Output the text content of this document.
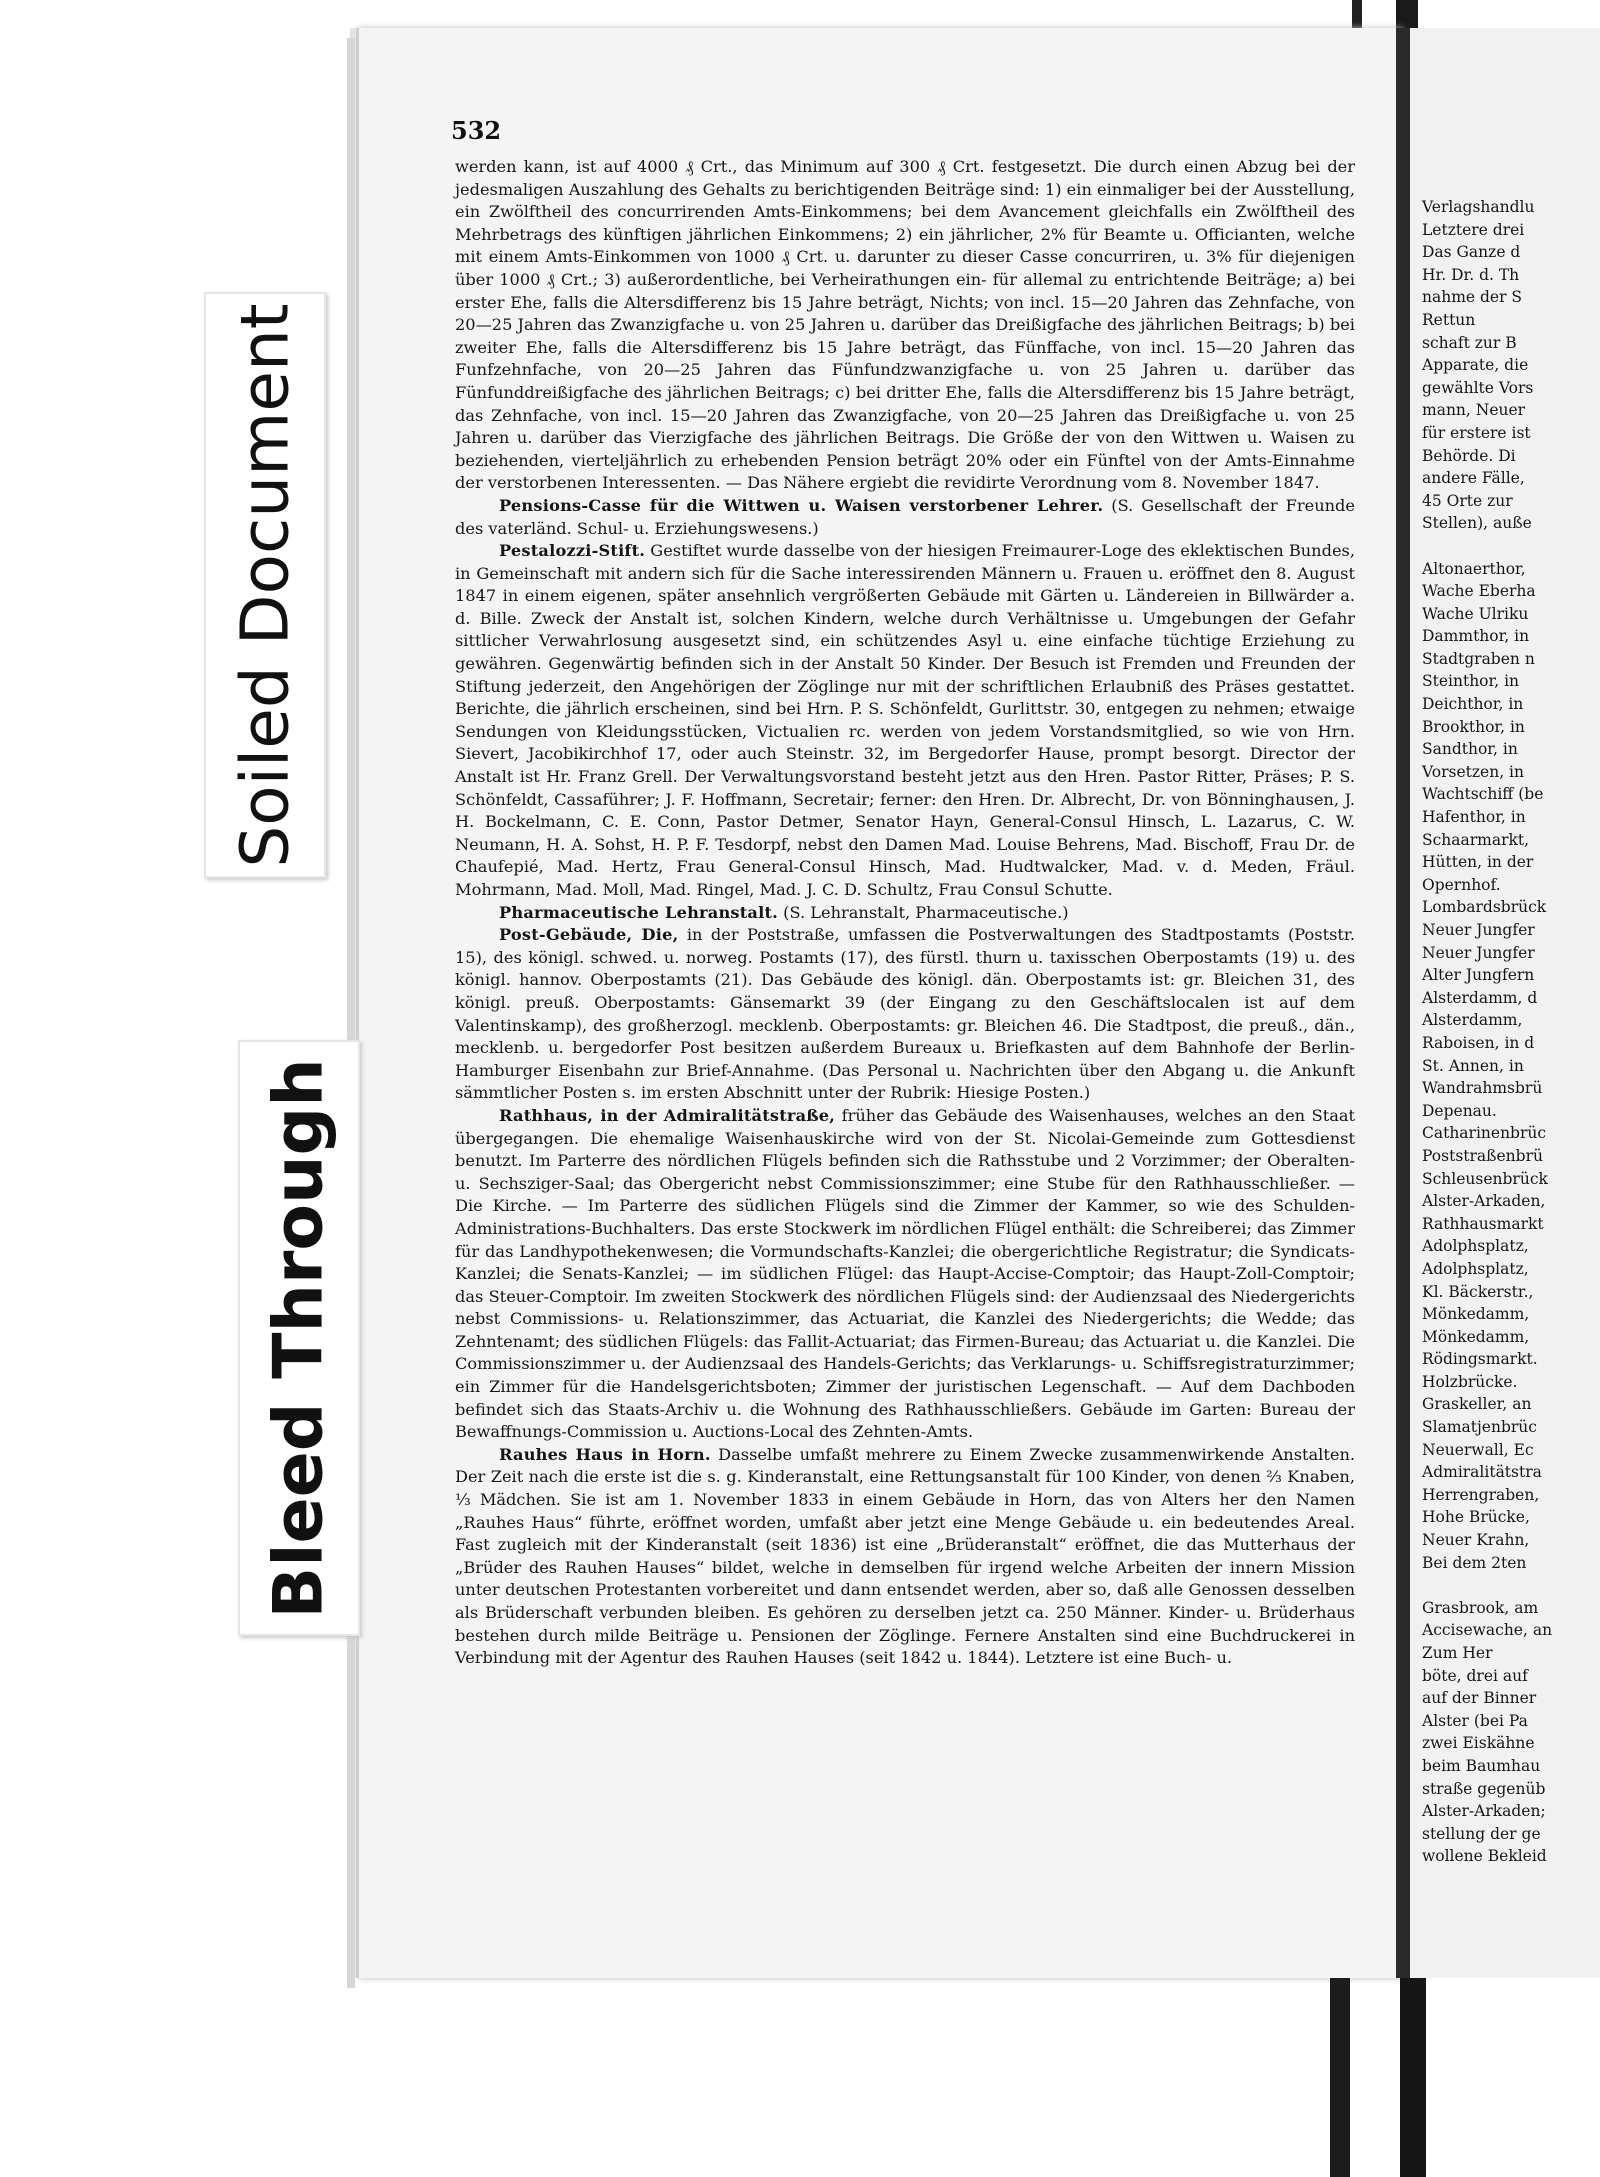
532

werden kann, ist auf 4000 ₰ Crt., das Minimum auf 300 ₰ Crt. festgesetzt. Die durch einen Abzug bei der jedesmaligen Auszahlung des Gehalts zu berichtigenden Beiträge sind: 1) ein einmaliger bei der Ausstellung, ein Zwölftheil des concurrirenden Amts-Einkommens; bei dem Avancement gleichfalls ein Zwölftheil des Mehrbetrags des künftigen jährlichen Einkommens; 2) ein jährlicher, 2% für Beamte u. Officianten, welche mit einem Amts-Einkommen von 1000 ₰ Crt. u. darunter zu dieser Casse concurriren, u. 3% für diejenigen über 1000 ₰ Crt.; 3) außerordentliche, bei Verheirathungen ein- für allemal zu entrichtende Beiträge; a) bei erster Ehe, falls die Altersdifferenz bis 15 Jahre beträgt, Nichts; von incl. 15—20 Jahren das Zehnfache, von 20—25 Jahren das Zwanzigfache u. von 25 Jahren u. darüber das Dreißigfache des jährlichen Beitrags; b) bei zweiter Ehe, falls die Altersdifferenz bis 15 Jahre beträgt, das Fünffache, von incl. 15—20 Jahren das Funfzehnfache, von 20—25 Jahren das Fünfundzwanzigfache u. von 25 Jahren u. darüber das Fünfunddreißigfache des jährlichen Beitrags; c) bei dritter Ehe, falls die Altersdifferenz bis 15 Jahre beträgt, das Zehnfache, von incl. 15—20 Jahren das Zwanzigfache, von 20—25 Jahren das Dreißigfache u. von 25 Jahren u. darüber das Vierzigfache des jährlichen Beitrags. Die Größe der von den Wittwen u. Waisen zu beziehenden, vierteljährlich zu erhebenden Pension beträgt 20% oder ein Fünftel von der Amts-Einnahme der verstorbenen Interessenten. — Das Nähere ergiebt die revidirte Verordnung vom 8. November 1847.

Pensions-Casse für die Wittwen u. Waisen verstorbener Lehrer. (S. Gesellschaft der Freunde des vaterländ. Schul- u. Erziehungswesens.)

Pestalozzi-Stift. Gestiftet wurde dasselbe von der hiesigen Freimaurer-Loge des eklektischen Bundes, in Gemeinschaft mit andern sich für die Sache interessirenden Männern u. Frauen u. eröffnet den 8. August 1847 in einem eigenen, später ansehnlich vergrößerten Gebäude mit Gärten u. Ländereien in Billwärder a. d. Bille. Zweck der Anstalt ist, solchen Kindern, welche durch Verhältnisse u. Umgebungen der Gefahr sittlicher Verwahrlosung ausgesetzt sind, ein schützendes Asyl u. eine einfache tüchtige Erziehung zu gewähren. Gegenwärtig befinden sich in der Anstalt 50 Kinder. Der Besuch ist Fremden und Freunden der Stiftung jederzeit, den Angehörigen der Zöglinge nur mit der schriftlichen Erlaubniß des Präses gestattet. Berichte, die jährlich erscheinen, sind bei Hrn. P. S. Schönfeldt, Gurlittstr. 30, entgegen zu nehmen; etwaige Sendungen von Kleidungsstücken, Victualien rc. werden von jedem Vorstandsmitglied, so wie von Hrn. Sievert, Jacobikirchhof 17, oder auch Steinstr. 32, im Bergedorfer Hause, prompt besorgt. Director der Anstalt ist Hr. Franz Grell. Der Verwaltungsvorstand besteht jetzt aus den Hren. Pastor Ritter, Präses; P. S. Schönfeldt, Cassaführer; J. F. Hoffmann, Secretair; ferner: den Hren. Dr. Albrecht, Dr. von Bönninghausen, J. H. Bockelmann, C. E. Conn, Pastor Detmer, Senator Hayn, General-Consul Hinsch, L. Lazarus, C. W. Neumann, H. A. Sohst, H. P. F. Tesdorpf, nebst den Damen Mad. Louise Behrens, Mad. Bischoff, Frau Dr. de Chaufepié, Mad. Hertz, Frau General-Consul Hinsch, Mad. Hudtwalcker, Mad. v. d. Meden, Fräul. Mohrmann, Mad. Moll, Mad. Ringel, Mad. J. C. D. Schultz, Frau Consul Schutte.

Pharmaceutische Lehranstalt. (S. Lehranstalt, Pharmaceutische.)

Post-Gebäude, Die, in der Poststraße, umfassen die Postverwaltungen des Stadtpostamts (Poststr. 15), des königl. schwed. u. norweg. Postamts (17), des fürstl. thurn u. taxisschen Oberpostamts (19) u. des königl. hannov. Oberpostamts (21). Das Gebäude des königl. dän. Oberpostamts ist: gr. Bleichen 31, des königl. preuß. Oberpostamts: Gänsemarkt 39 (der Eingang zu den Geschäftslocalen ist auf dem Valentinskamp), des großherzogl. mecklenb. Oberpostamts: gr. Bleichen 46. Die Stadtpost, die preuß., dän., mecklenb. u. bergedorfer Post besitzen außerdem Bureaux u. Briefkasten auf dem Bahnhofe der Berlin-Hamburger Eisenbahn zur Brief-Annahme. (Das Personal u. Nachrichten über den Abgang u. die Ankunft sämmtlicher Posten s. im ersten Abschnitt unter der Rubrik: Hiesige Posten.)

Rathhaus, in der Admiralitätstraße, früher das Gebäude des Waisenhauses, welches an den Staat übergegangen. Die ehemalige Waisenhauskirche wird von der St. Nicolai-Gemeinde zum Gottesdienst benutzt. Im Parterre des nördlichen Flügels befinden sich die Rathsstube und 2 Vorzimmer; der Oberalten- u. Sechsziger-Saal; das Obergericht nebst Commissionszimmer; eine Stube für den Rathhausschließer. — Die Kirche. — Im Parterre des südlichen Flügels sind die Zimmer der Kammer, so wie des Schulden-Administrations-Buchhalters. Das erste Stockwerk im nördlichen Flügel enthält: die Schreiberei; das Zimmer für das Landhypothekenwesen; die Vormundschafts-Kanzlei; die obergerichtliche Registratur; die Syndicats-Kanzlei; die Senats-Kanzlei; — im südlichen Flügel: das Haupt-Accise-Comptoir; das Haupt-Zoll-Comptoir; das Steuer-Comptoir. Im zweiten Stockwerk des nördlichen Flügels sind: der Audienzsaal des Niedergerichts nebst Commissions- u. Relationszimmer, das Actuariat, die Kanzlei des Niedergerichts; die Wedde; das Zehntenamt; des südlichen Flügels: das Fallit-Actuariat; das Firmen-Bureau; das Actuariat u. die Kanzlei. Die Commissionszimmer u. der Audienzsaal des Handels-Gerichts; das Verklarungs- u. Schiffsregistraturzimmer; ein Zimmer für die Handelsgerichtsboten; Zimmer der juristischen Legenschaft. — Auf dem Dachboden befindet sich das Staats-Archiv u. die Wohnung des Rathhausschließers. Gebäude im Garten: Bureau der Bewaffnungs-Commission u. Auctions-Local des Zehnten-Amts.

Rauhes Haus in Horn. Dasselbe umfaßt mehrere zu Einem Zwecke zusammenwirkende Anstalten. Der Zeit nach die erste ist die s. g. Kinderanstalt, eine Rettungsanstalt für 100 Kinder, von denen ⅔ Knaben, ⅓ Mädchen. Sie ist am 1. November 1833 in einem Gebäude in Horn, das von Alters her den Namen „Rauhes Haus“ führte, eröffnet worden, umfaßt aber jetzt eine Menge Gebäude u. ein bedeutendes Areal. Fast zugleich mit der Kinderanstalt (seit 1836) ist eine „Brüderanstalt“ eröffnet, die das Mutterhaus der „Brüder des Rauhen Hauses“ bildet, welche in demselben für irgend welche Arbeiten der innern Mission unter deutschen Protestanten vorbereitet und dann entsendet werden, aber so, daß alle Genossen desselben als Brüderschaft verbunden bleiben. Es gehören zu derselben jetzt ca. 250 Männer. Kinder- u. Brüderhaus bestehen durch milde Beiträge u. Pensionen der Zöglinge. Fernere Anstalten sind eine Buchdruckerei in Verbindung mit der Agentur des Rauhen Hauses (seit 1842 u. 1844). Letztere ist eine Buch- u.

Verlagshandlu
Letztere drei
Das Ganze d
Hr. Dr. d. Th
nahme der S
Rettun
schaft zur B
Apparate, die
gewählte Vors
mann, Neuer
für erstere ist
Behörde. Di
andere Fälle,
45 Orte zur
Stellen), auße
Altonaerthor,
Wache Eberha
Wache Ulriku
Dammthor, in
Stadtgraben n
Steinthor, in
Deichthor, in
Brookthor, in
Sandthor, in
Vorsetzen, in
Wachtschiff (be
Hafenthor, in
Schaarmarkt,
Hütten, in der
Opernhof.
Lombardsbrück
Neuer Jungfer
Neuer Jungfer
Alter Jungfern
Alsterdamm, d
Alsterdamm,
Raboisen, in d
St. Annen, in
Wandrahmsbrü
Depenau.
Catharinenbrüc
Poststraßenbrü
Schleusenbrück
Alster-Arkaden,
Rathhausmarkt
Adolphsplatz,
Adolphsplatz,
Kl. Bäckerstr.,
Mönkedamm,
Mönkedamm,
Rödingsmarkt.
Holzbrücke.
Graskeller, an
Slamatjenbrüc
Neuerwall, Ec
Admiralitätstra
Herrengraben,
Hohe Brücke,
Neuer Krahn,
Bei dem 2ten
Grasbrook, am
Accisewache, an
Zum Her
böte, drei auf
auf der Binner
Alster (bei Pa
zwei Eiskähne
beim Baumhau
straße gegenüb
Alster-Arkaden;
stellung der ge
wollene Bekleid
Soiled Document
Bleed Through
